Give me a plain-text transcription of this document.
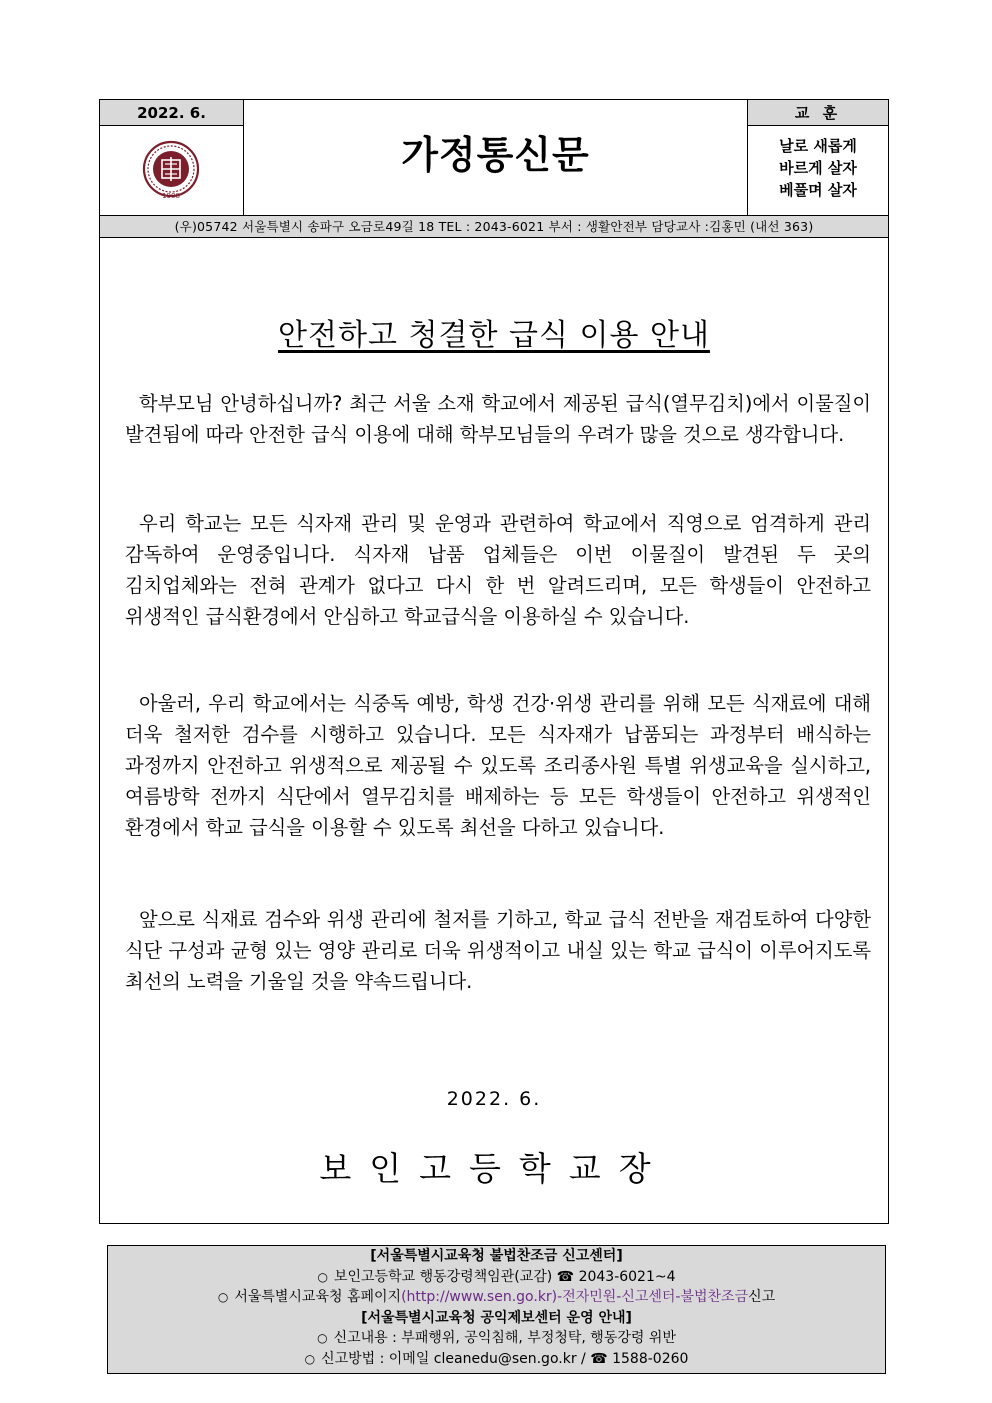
2022. 6.
1908
가정통신문
교 훈
날로 새롭게
바르게 살자
베풀며 살자
(우)05742 서울특별시 송파구 오금로49길 18 TEL : 2043-6021 부서 : 생활안전부 담당교사 :김홍민 (내선 363)
안전하고 청결한 급식 이용 안내
학부모님 안녕하십니까? 최근 서울 소재 학교에서 제공된 급식(열무김치)에서 이물질이 발견됨에 따라 안전한 급식 이용에 대해 학부모님들의 우려가 많을 것으로 생각합니다.
우리 학교는 모든 식자재 관리 및 운영과 관련하여 학교에서 직영으로 엄격하게 관리 감독하여 운영중입니다. 식자재 납품 업체들은 이번 이물질이 발견된 두 곳의 김치업체와는 전혀 관계가 없다고 다시 한 번 알려드리며, 모든 학생들이 안전하고 위생적인 급식환경에서 안심하고 학교급식을 이용하실 수 있습니다.
아울러, 우리 학교에서는 식중독 예방, 학생 건강·위생 관리를 위해 모든 식재료에 대해 더욱 철저한 검수를 시행하고 있습니다. 모든 식자재가 납품되는 과정부터 배식하는 과정까지 안전하고 위생적으로 제공될 수 있도록 조리종사원 특별 위생교육을 실시하고, 여름방학 전까지 식단에서 열무김치를 배제하는 등 모든 학생들이 안전하고 위생적인 환경에서 학교 급식을 이용할 수 있도록 최선을 다하고 있습니다.
앞으로 식재료 검수와 위생 관리에 철저를 기하고, 학교 급식 전반을 재검토하여 다양한 식단 구성과 균형 있는 영양 관리로 더욱 위생적이고 내실 있는 학교 급식이 이루어지도록 최선의 노력을 기울일 것을 약속드립니다.
2022. 6.
보인고등학교장
[서울특별시교육청 불법찬조금 신고센터]
○ 보인고등학교 행동강령책임관(교감) ☎ 2043-6021~4
○ 서울특별시교육청 홈페이지(http://www.sen.go.kr)-전자민원-신고센터-불법찬조금신고
[서울특별시교육청 공익제보센터 운영 안내]
○ 신고내용 : 부패행위, 공익침해, 부정청탁, 행동강령 위반
○ 신고방법 : 이메일 cleanedu@sen.go.kr / ☎ 1588-0260
